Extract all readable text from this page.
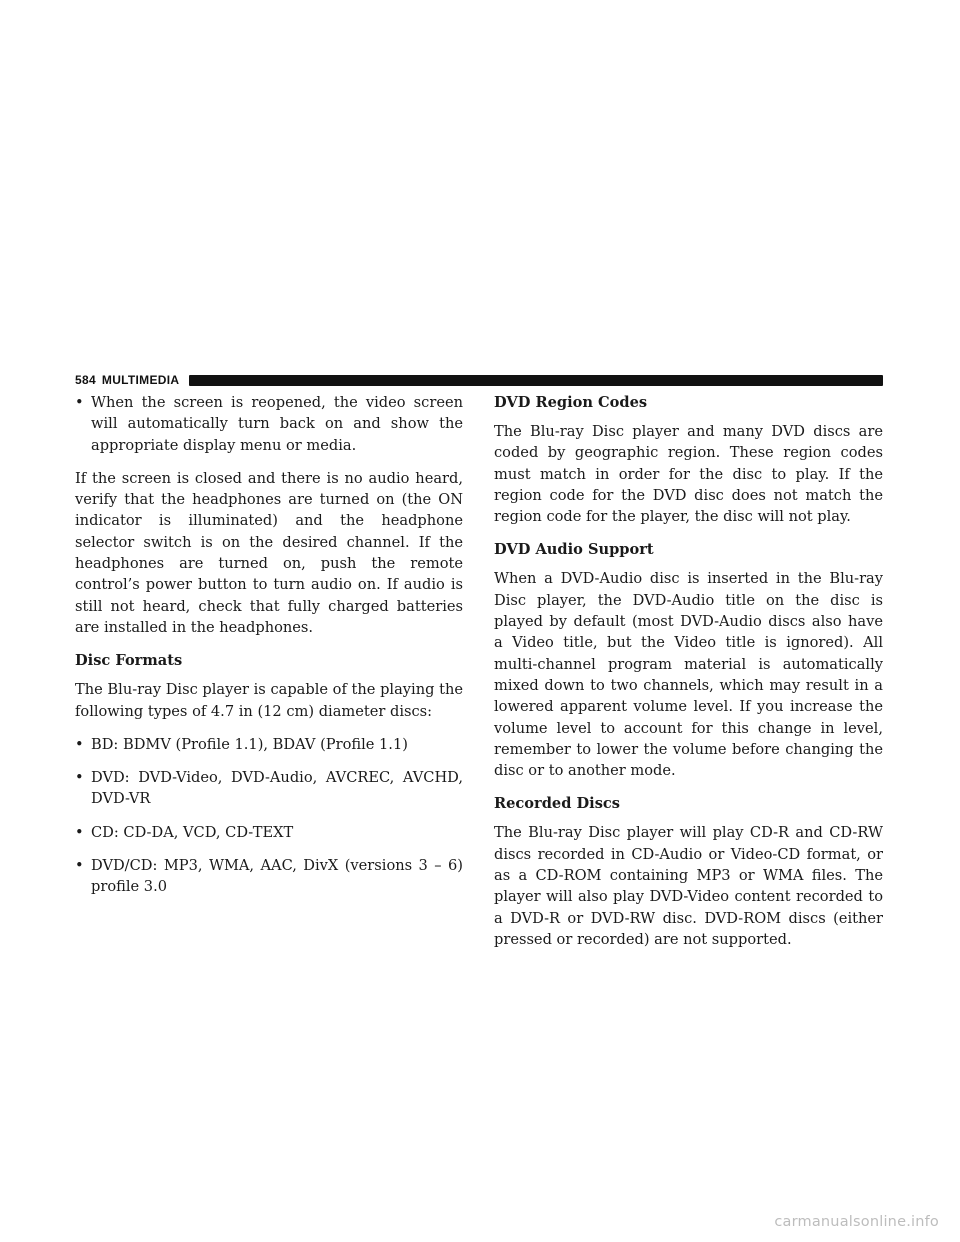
584 MULTIMEDIA
• When the screen is reopened, the video screen will automatically turn back on and show the appropriate display menu or media.

If the screen is closed and there is no audio heard, verify that the headphones are turned on (the ON indicator is illuminated) and the headphone selector switch is on the desired channel. If the headphones are turned on, push the remote control’s power button to turn audio on. If audio is still not heard, check that fully charged batteries are installed in the headphones.

Disc Formats

The Blu-ray Disc player is capable of the playing the following types of 4.7 in (12 cm) diameter discs:

• BD: BDMV (Profile 1.1), BDAV (Profile 1.1)
• DVD: DVD-Video, DVD-Audio, AVCREC, AVCHD, DVD-VR
• CD: CD-DA, VCD, CD-TEXT
• DVD/CD: MP3, WMA, AAC, DivX (versions 3 – 6) profile 3.0
DVD Region Codes

The Blu-ray Disc player and many DVD discs are coded by geographic region. These region codes must match in order for the disc to play. If the region code for the DVD disc does not match the region code for the player, the disc will not play.

DVD Audio Support

When a DVD-Audio disc is inserted in the Blu-ray Disc player, the DVD-Audio title on the disc is played by default (most DVD-Audio discs also have a Video title, but the Video title is ignored). All multi-channel program material is automatically mixed down to two channels, which may result in a lowered apparent volume level. If you increase the volume level to account for this change in level, remember to lower the volume before changing the disc or to another mode.

Recorded Discs

The Blu-ray Disc player will play CD-R and CD-RW discs recorded in CD-Audio or Video-CD format, or as a CD-ROM containing MP3 or WMA files. The player will also play DVD-Video content recorded to a DVD-R or DVD-RW disc. DVD-ROM discs (either pressed or recorded) are not supported.

carmanualsonline.info
